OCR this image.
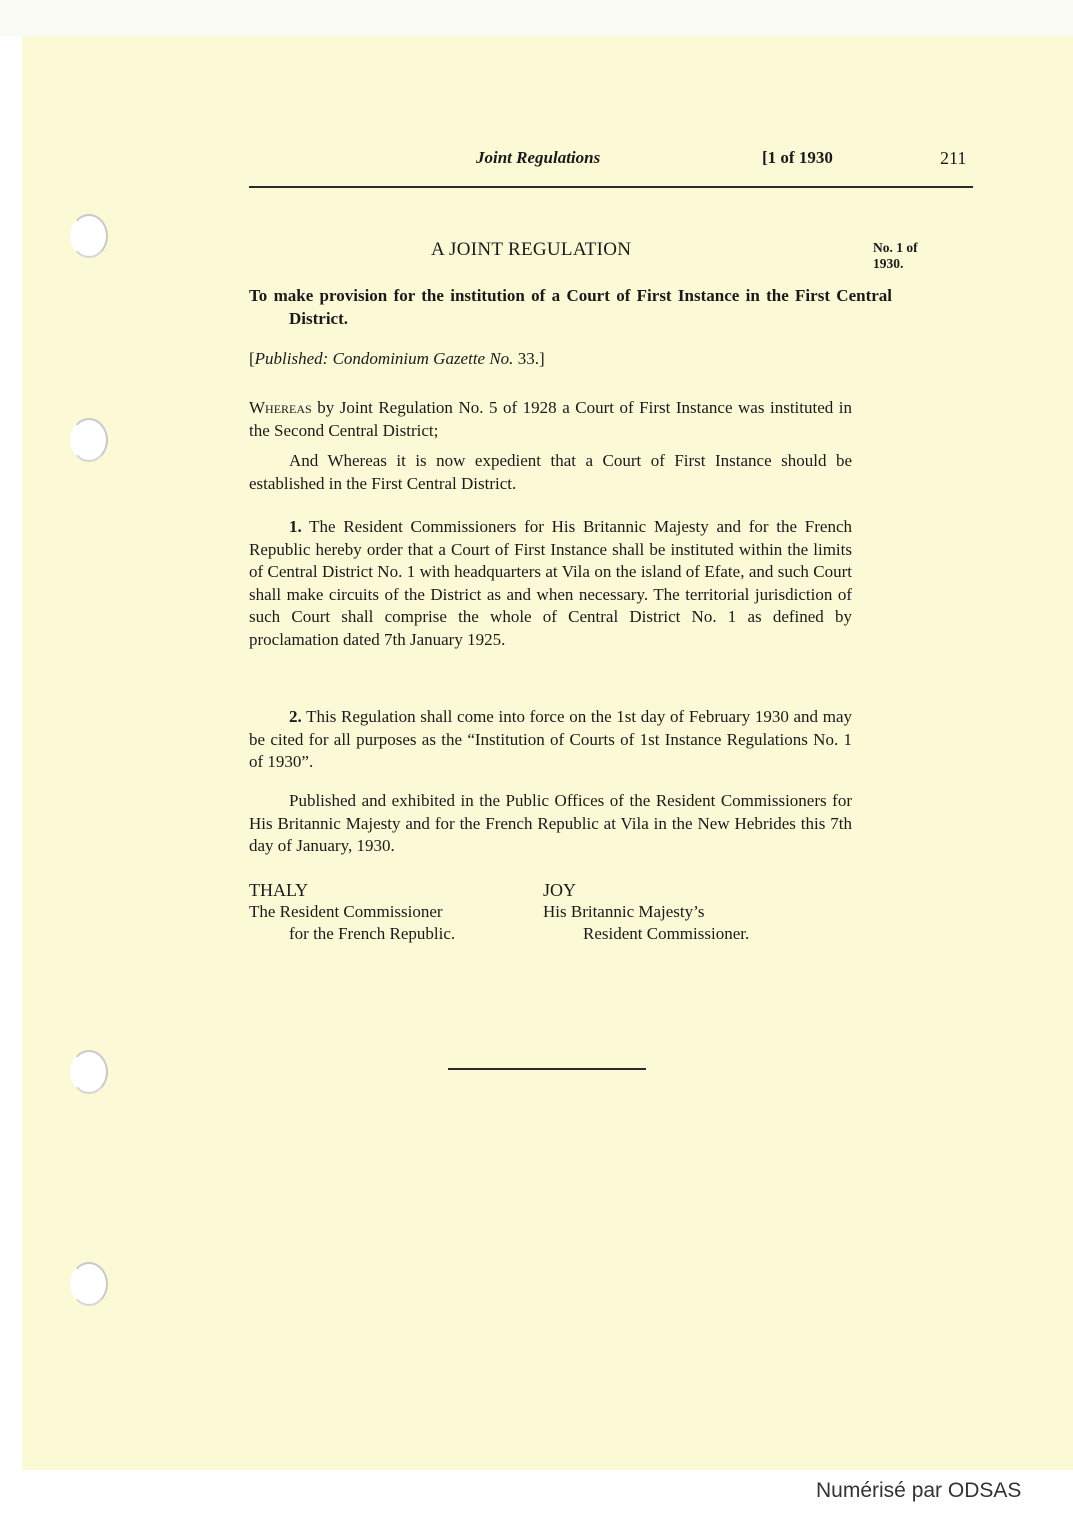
Joint Regulations	[1 of 1930	211
A JOINT REGULATION	No. 1 of
1930.
To make provision for the institution of a Court of First Instance in the First Central District.
[Published: Condominium Gazette No. 33.]
Whereas by Joint Regulation No. 5 of 1928 a Court of First Instance was instituted in the Second Central District;
And Whereas it is now expedient that a Court of First Instance should be established in the First Central District.
1. The Resident Commissioners for His Britannic Majesty and for the French Republic hereby order that a Court of First Instance shall be instituted within the limits of Central District No. 1 with headquarters at Vila on the island of Efate, and such Court shall make circuits of the District as and when necessary. The territorial jurisdiction of such Court shall comprise the whole of Central District No. 1 as defined by proclamation dated 7th January 1925.
2. This Regulation shall come into force on the 1st day of February 1930 and may be cited for all purposes as the “Institution of Courts of 1st Instance Regulations No. 1 of 1930”.
Published and exhibited in the Public Offices of the Resident Commissioners for His Britannic Majesty and for the French Republic at Vila in the New Hebrides this 7th day of January, 1930.
THALY
The Resident Commissioner
for the French Republic.
JOY
His Britannic Majesty’s
Resident Commissioner.
Numérisé par ODSAS
